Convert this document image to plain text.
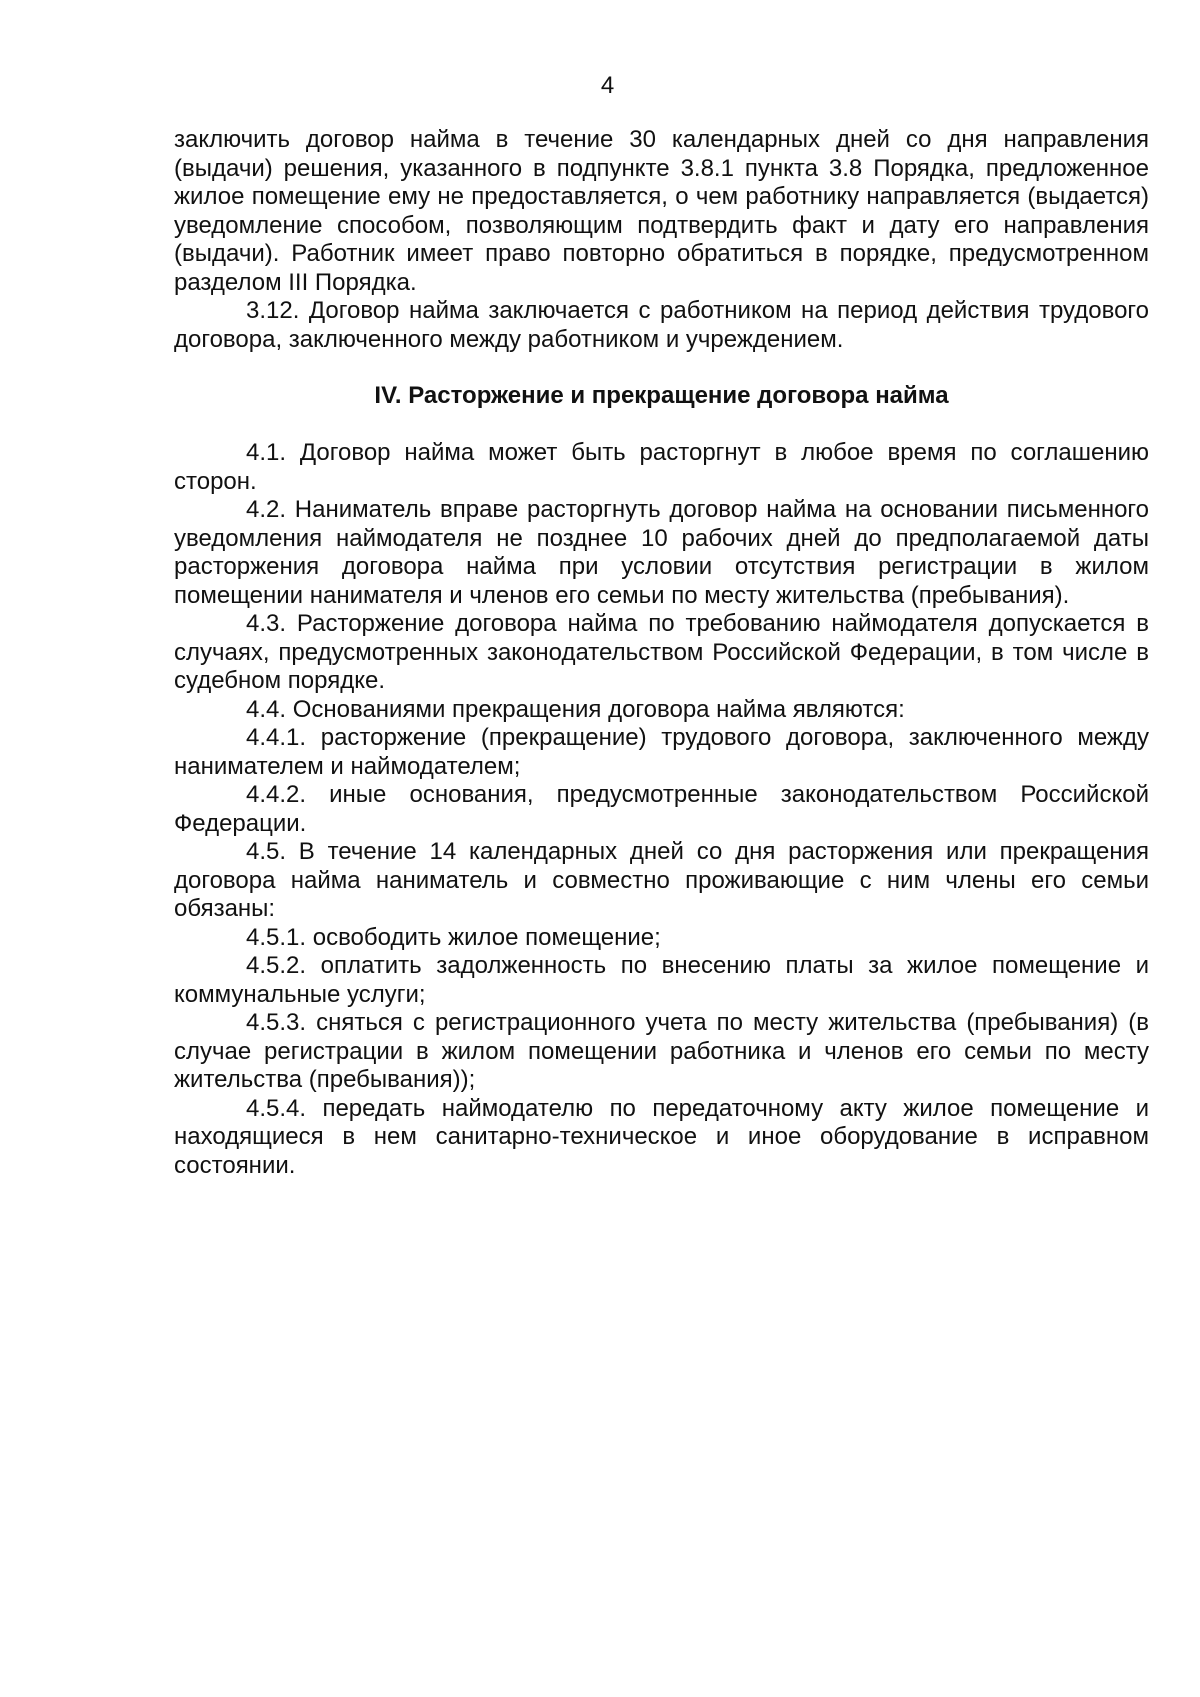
4

заключить договор найма в течение 30 календарных дней со дня направления (выдачи) решения, указанного в подпункте 3.8.1 пункта 3.8 Порядка, предложенное жилое помещение ему не предоставляется, о чем работнику направляется (выдается) уведомление способом, позволяющим подтвердить факт и дату его направления (выдачи). Работник имеет право повторно обратиться в порядке, предусмотренном разделом III Порядка.

3.12. Договор найма заключается с работником на период действия трудового договора, заключенного между работником и учреждением.

IV. Расторжение и прекращение договора найма

4.1. Договор найма может быть расторгнут в любое время по соглашению сторон.

4.2. Наниматель вправе расторгнуть договор найма на основании письменного уведомления наймодателя не позднее 10 рабочих дней до предполагаемой даты расторжения договора найма при условии отсутствия регистрации в жилом помещении нанимателя и членов его семьи по месту жительства (пребывания).

4.3. Расторжение договора найма по требованию наймодателя допускается в случаях, предусмотренных законодательством Российской Федерации, в том числе в судебном порядке.

4.4. Основаниями прекращения договора найма являются:

4.4.1. расторжение (прекращение) трудового договора, заключенного между нанимателем и наймодателем;

4.4.2. иные основания, предусмотренные законодательством Российской Федерации.

4.5. В течение 14 календарных дней со дня расторжения или прекращения договора найма наниматель и совместно проживающие с ним члены его семьи обязаны:

4.5.1. освободить жилое помещение;

4.5.2. оплатить задолженность по внесению платы за жилое помещение и коммунальные услуги;

4.5.3. сняться с регистрационного учета по месту жительства (пребывания) (в случае регистрации в жилом помещении работника и членов его семьи по месту жительства (пребывания));

4.5.4. передать наймодателю по передаточному акту жилое помещение и находящиеся в нем санитарно-техническое и иное оборудование в исправном состоянии.
